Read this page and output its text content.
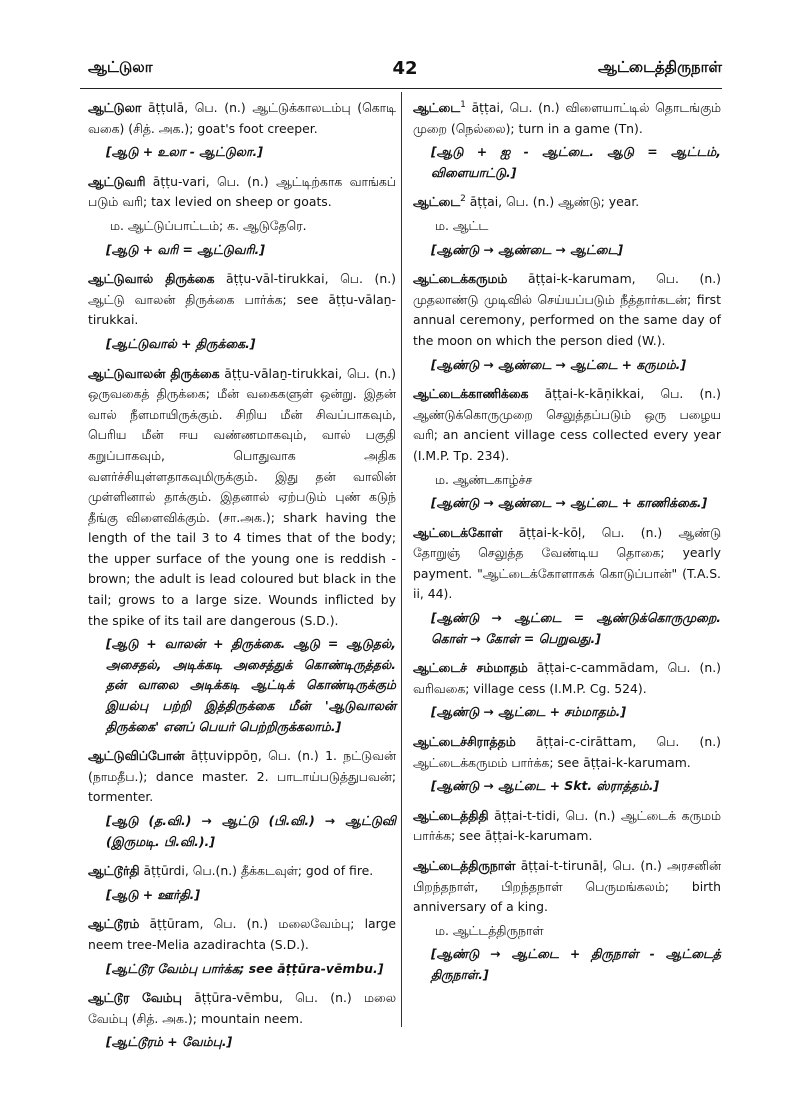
42
ஆட்டுலா	ஆட்டைத்திருநாள்

ஆட்டுலா āṭṭulā, பெ. (n.) ஆட்டுக்காலடம்பு (கொடி வகை) (சித். அக.); goat's foot creeper.

[ஆடு + உலா - ஆட்டுலா.]

ஆட்டுவரி āṭṭu-vari, பெ. (n.) ஆட்டிற்காக வாங்கப் படும் வரி; tax levied on sheep or goats.

ம. ஆட்டுப்பாட்டம்; க. ஆடுதேரெ.

[ஆடு + வரி = ஆட்டுவரி.]

ஆட்டுவால் திருக்கை āṭṭu-vāl-tirukkai, பெ. (n.) ஆட்டு வாலன் திருக்கை பார்க்க; see āṭṭu-vālaṉ-tirukkai.

[ஆட்டுவால் + திருக்கை.]

ஆட்டுவாலன் திருக்கை āṭṭu-vālaṉ-tirukkai, பெ. (n.) ஒருவகைத் திருக்கை; மீன் வகைகளுள் ஒன்று. இதன் வால் நீளமாயிருக்கும். சிறிய மீன் சிவப்பாகவும், பெரிய மீன் ஈய வண்ணமாகவும், வால் பகுதி கறுப்பாகவும், பொதுவாக அதிக வளர்ச்சியுள்ளதாகவுமிருக்கும். இது தன் வாலின் முள்ளினால் தாக்கும். இதனால் ஏற்படும் புண் கடுந் தீங்கு விளைவிக்கும். (சா.அக.); shark having the length of the tail 3 to 4 times that of the body; the upper surface of the young one is reddish - brown; the adult is lead coloured but black in the tail; grows to a large size. Wounds inflicted by the spike of its tail are dangerous (S.D.).

[ஆடு + வாலன் + திருக்கை. ஆடு = ஆடுதல், அசைதல், அடிக்கடி அசைத்துக் கொண்டிருத்தல். தன் வாலை அடிக்கடி ஆட்டிக் கொண்டிருக்கும் இயல்பு பற்றி இத்திருக்கை மீன் 'ஆடுவாலன் திருக்கை' எனப் பெயர் பெற்றிருக்கலாம்.]

ஆட்டுவிப்போன் āṭṭuvippōṉ, பெ. (n.) 1. நட்டுவன் (நாமதீப.); dance master. 2. பாடாய்படுத்துபவன்; tormenter.

[ஆடு (த.வி.) → ஆட்டு (பி.வி.) → ஆட்டுவி (இருமடி. பி.வி.).]

ஆட்டூர்தி āṭṭūrdi, பெ.(n.) தீக்கடவுள்; god of fire.

[ஆடு + ஊர்தி.]

ஆட்டூரம் āṭṭūram, பெ. (n.) மலைவேம்பு; large neem tree-Melia azadirachta (S.D.).

[ஆட்டூர வேம்பு பார்க்க; see āṭṭūra-vēmbu.]

ஆட்டூர வேம்பு āṭṭūra-vēmbu, பெ. (n.) மலை வேம்பு (சித். அக.); mountain neem.

[ஆட்டூரம் + வேம்பு.]

ஆட்டை$^1$ āṭṭai, பெ. (n.) விளையாட்டில் தொடங்கும் முறை (நெல்லை); turn in a game (Tn).

[ஆடு + ஐ - ஆட்டை. ஆடு = ஆட்டம், விளையாட்டு.]

ஆட்டை$^2$ āṭṭai, பெ. (n.) ஆண்டு; year.

ம. ஆட்ட

[ஆண்டு → ஆண்டை → ஆட்டை]

ஆட்டைக்கருமம் āṭṭai-k-karumam, பெ. (n.) முதலாண்டு முடிவில் செய்யப்படும் நீத்தார்கடன்; first annual ceremony, performed on the same day of the moon on which the person died (W.).

[ஆண்டு → ஆண்டை → ஆட்டை + கருமம்.]

ஆட்டைக்காணிக்கை āṭṭai-k-kāṇikkai, பெ. (n.) ஆண்டுக்கொருமுறை செலுத்தப்படும் ஒரு பழைய வரி; an ancient village cess collected every year (I.M.P. Tp. 234).

ம. ஆண்டகாழ்ச்ச

[ஆண்டு → ஆண்டை → ஆட்டை + காணிக்கை.]

ஆட்டைக்கோள் āṭṭai-k-kōḷ, பெ. (n.) ஆண்டு தோறுஞ் செலுத்த வேண்டிய தொகை; yearly payment. "ஆட்டைக்கோளாகக் கொடுப்பான்" (T.A.S. ii, 44).

[ஆண்டு → ஆட்டை = ஆண்டுக்கொருமுறை. கொள் → கோள் = பெறுவது.]

ஆட்டைச் சம்மாதம் āṭṭai-c-cammādam, பெ. (n.) வரிவகை; village cess (I.M.P. Cg. 524).

[ஆண்டு → ஆட்டை + சம்மாதம்.]

ஆட்டைச்சிராத்தம் āṭṭai-c-cirāttam, பெ. (n.) ஆட்டைக்கருமம் பார்க்க; see āṭṭai-k-karumam.

[ஆண்டு → ஆட்டை + Skt. ஸ்ராத்தம்.]

ஆட்டைத்திதி āṭṭai-t-tidi, பெ. (n.) ஆட்டைக் கருமம் பார்க்க; see āṭṭai-k-karumam.

ஆட்டைத்திருநாள் āṭṭai-t-tirunāḷ, பெ. (n.) அரசனின் பிறந்தநாள், பிறந்தநாள் பெருமங்கலம்; birth anniversary of a king.

ம. ஆட்டத்திருநாள்

[ஆண்டு → ஆட்டை + திருநாள் - ஆட்டைத் திருநாள்.]
